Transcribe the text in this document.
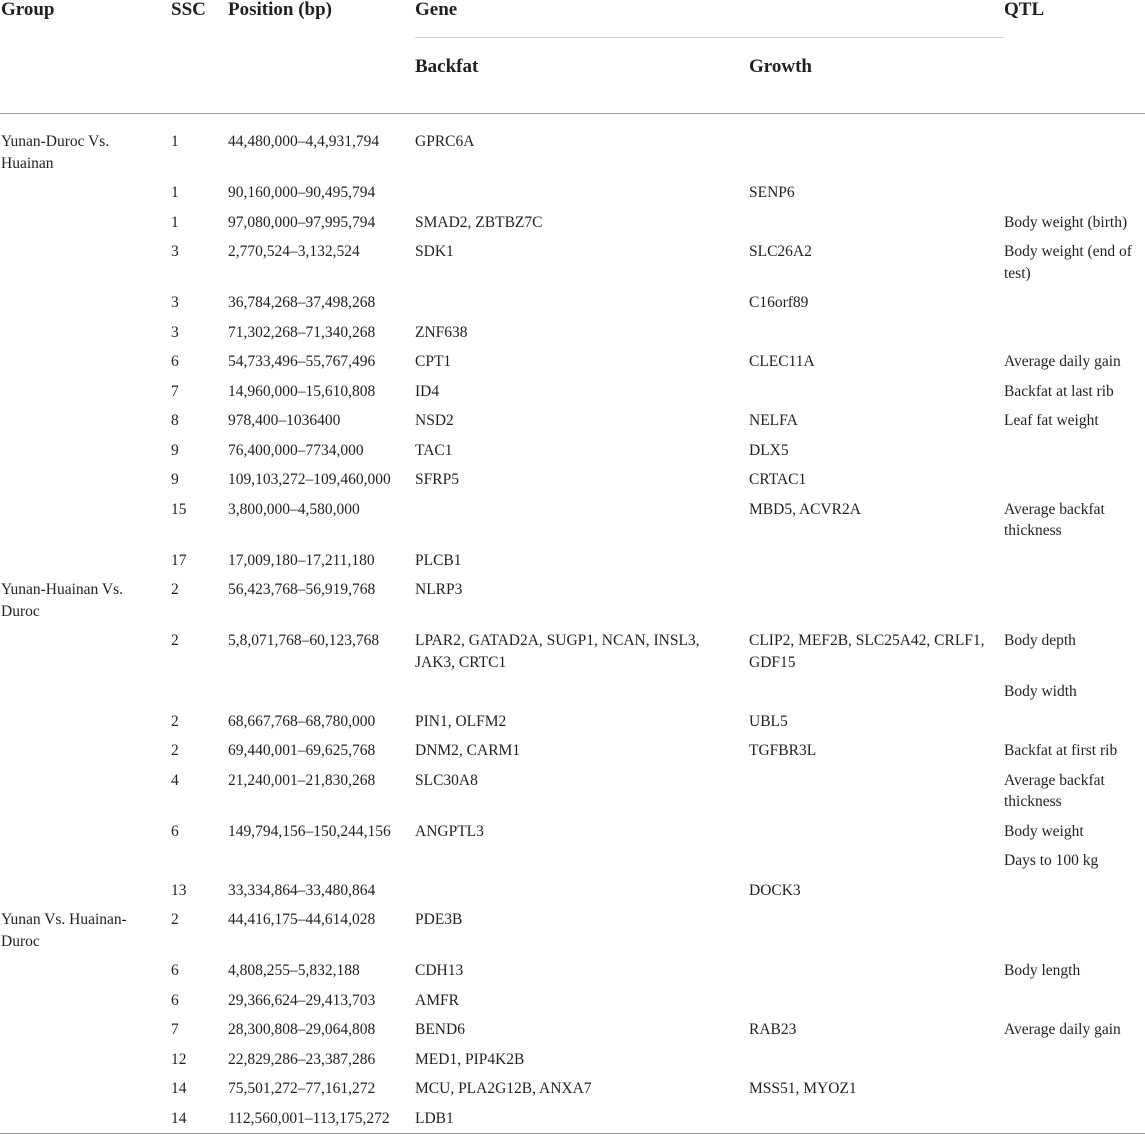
Group	SSC	Position (bp)	Gene		QTL
			Backfat	Growth	
Yunan-Duroc Vs. Huainan	1	44,480,000–4,4,931,794	GPRC6A		
	1	90,160,000–90,495,794		SENP6	
	1	97,080,000–97,995,794	SMAD2, ZBTBZ7C		Body weight (birth)
	3	2,770,524–3,132,524	SDK1	SLC26A2	Body weight (end of test)
	3	36,784,268–37,498,268		C16orf89	
	3	71,302,268–71,340,268	ZNF638		
	6	54,733,496–55,767,496	CPT1	CLEC11A	Average daily gain
	7	14,960,000–15,610,808	ID4		Backfat at last rib
	8	978,400–1036400	NSD2	NELFA	Leaf fat weight
	9	76,400,000–7734,000	TAC1	DLX5	
	9	109,103,272–109,460,000	SFRP5	CRTAC1	
	15	3,800,000–4,580,000		MBD5, ACVR2A	Average backfat thickness
	17	17,009,180–17,211,180	PLCB1		
Yunan-Huainan Vs. Duroc	2	56,423,768–56,919,768	NLRP3		
	2	5,8,071,768–60,123,768	LPAR2, GATAD2A, SUGP1, NCAN, INSL3, JAK3, CRTC1	CLIP2, MEF2B, SLC25A42, CRLF1, GDF15	Body depth
					Body width
	2	68,667,768–68,780,000	PIN1, OLFM2	UBL5	
	2	69,440,001–69,625,768	DNM2, CARM1	TGFBR3L	Backfat at first rib
	4	21,240,001–21,830,268	SLC30A8		Average backfat thickness
	6	149,794,156–150,244,156	ANGPTL3		Body weight
					Days to 100 kg
	13	33,334,864–33,480,864		DOCK3	
Yunan Vs. Huainan-Duroc	2	44,416,175–44,614,028	PDE3B		
	6	4,808,255–5,832,188	CDH13		Body length
	6	29,366,624–29,413,703	AMFR		
	7	28,300,808–29,064,808	BEND6	RAB23	Average daily gain
	12	22,829,286–23,387,286	MED1, PIP4K2B		
	14	75,501,272–77,161,272	MCU, PLA2G12B, ANXA7	MSS51, MYOZ1	
	14	112,560,001–113,175,272	LDB1		
